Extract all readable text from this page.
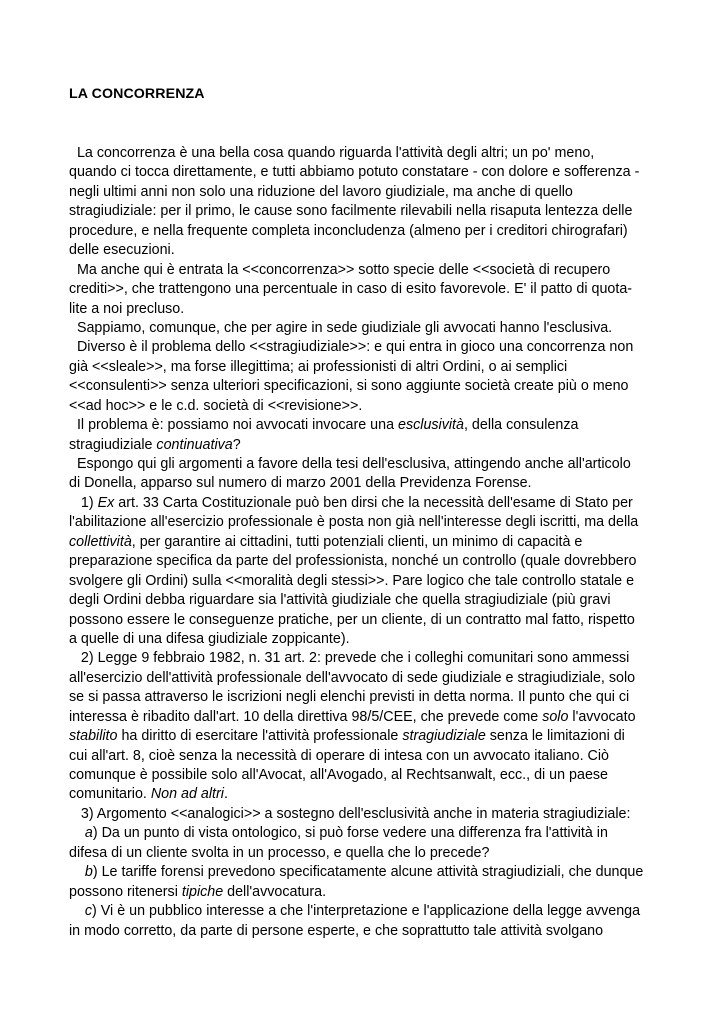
LA CONCORRENZA
La concorrenza è una bella cosa quando riguarda l'attività degli altri; un po' meno,
quando ci tocca direttamente, e tutti abbiamo potuto constatare - con dolore e sofferenza -
negli ultimi anni non solo una riduzione del lavoro giudiziale, ma anche di quello
stragiudiziale: per il primo, le cause sono facilmente rilevabili nella risaputa lentezza delle
procedure, e nella frequente completa inconcludenza (almeno per i creditori chirografari)
delle esecuzioni.
Ma anche qui è entrata la <<concorrenza>> sotto specie delle <<società di recupero
crediti>>, che trattengono una percentuale in caso di esito favorevole. E' il patto di quota-
lite a noi precluso.
Sappiamo, comunque, che per agire in sede giudiziale gli avvocati hanno l'esclusiva.
Diverso è il problema dello <<stragiudiziale>>: e qui entra in gioco una concorrenza non
già <<sleale>>, ma forse illegittima; ai professionisti di altri Ordini, o ai semplici
<<consulenti>> senza ulteriori specificazioni, si sono aggiunte società create più o meno
<<ad hoc>> e le c.d. società di <<revisione>>.
Il problema è: possiamo noi avvocati invocare una esclusività, della consulenza
stragiudiziale continuativa?
Espongo qui gli argomenti a favore della tesi dell'esclusiva, attingendo anche all'articolo
di Donella, apparso sul numero di marzo 2001 della Previdenza Forense.
1) Ex art. 33 Carta Costituzionale può ben dirsi che la necessità dell'esame di Stato per
l'abilitazione all'esercizio professionale è posta non già nell'interesse degli iscritti, ma della
collettività, per garantire ai cittadini, tutti potenziali clienti, un minimo di capacità e
preparazione specifica da parte del professionista, nonché un controllo (quale dovrebbero
svolgere gli Ordini) sulla <<moralità degli stessi>>. Pare logico che tale controllo statale e
degli Ordini debba riguardare sia l'attività giudiziale che quella stragiudiziale (più gravi
possono essere le conseguenze pratiche, per un cliente, di un contratto mal fatto, rispetto
a quelle di una difesa giudiziale zoppicante).
2) Legge 9 febbraio 1982, n. 31 art. 2: prevede che i colleghi comunitari sono ammessi
all'esercizio dell'attività professionale dell'avvocato di sede giudiziale e stragiudiziale, solo
se si passa attraverso le iscrizioni negli elenchi previsti in detta norma. Il punto che qui ci
interessa è ribadito dall'art. 10 della direttiva 98/5/CEE, che prevede come solo l'avvocato
stabilito ha diritto di esercitare l'attività professionale stragiudiziale senza le limitazioni di
cui all'art. 8, cioè senza la necessità di operare di intesa con un avvocato italiano. Ciò
comunque è possibile solo all'Avocat, all'Avogado, al Rechtsanwalt, ecc., di un paese
comunitario. Non ad altri.
3) Argomento <<analogici>> a sostegno dell'esclusività anche in materia stragiudiziale:
a) Da un punto di vista ontologico, si può forse vedere una differenza fra l'attività in
difesa di un cliente svolta in un processo, e quella che lo precede?
b) Le tariffe forensi prevedono specificatamente alcune attività stragiudiziali, che dunque
possono ritenersi tipiche dell'avvocatura.
c) Vi è un pubblico interesse a che l'interpretazione e l'applicazione della legge avvenga
in modo corretto, da parte di persone esperte, e che soprattutto tale attività svolgano
